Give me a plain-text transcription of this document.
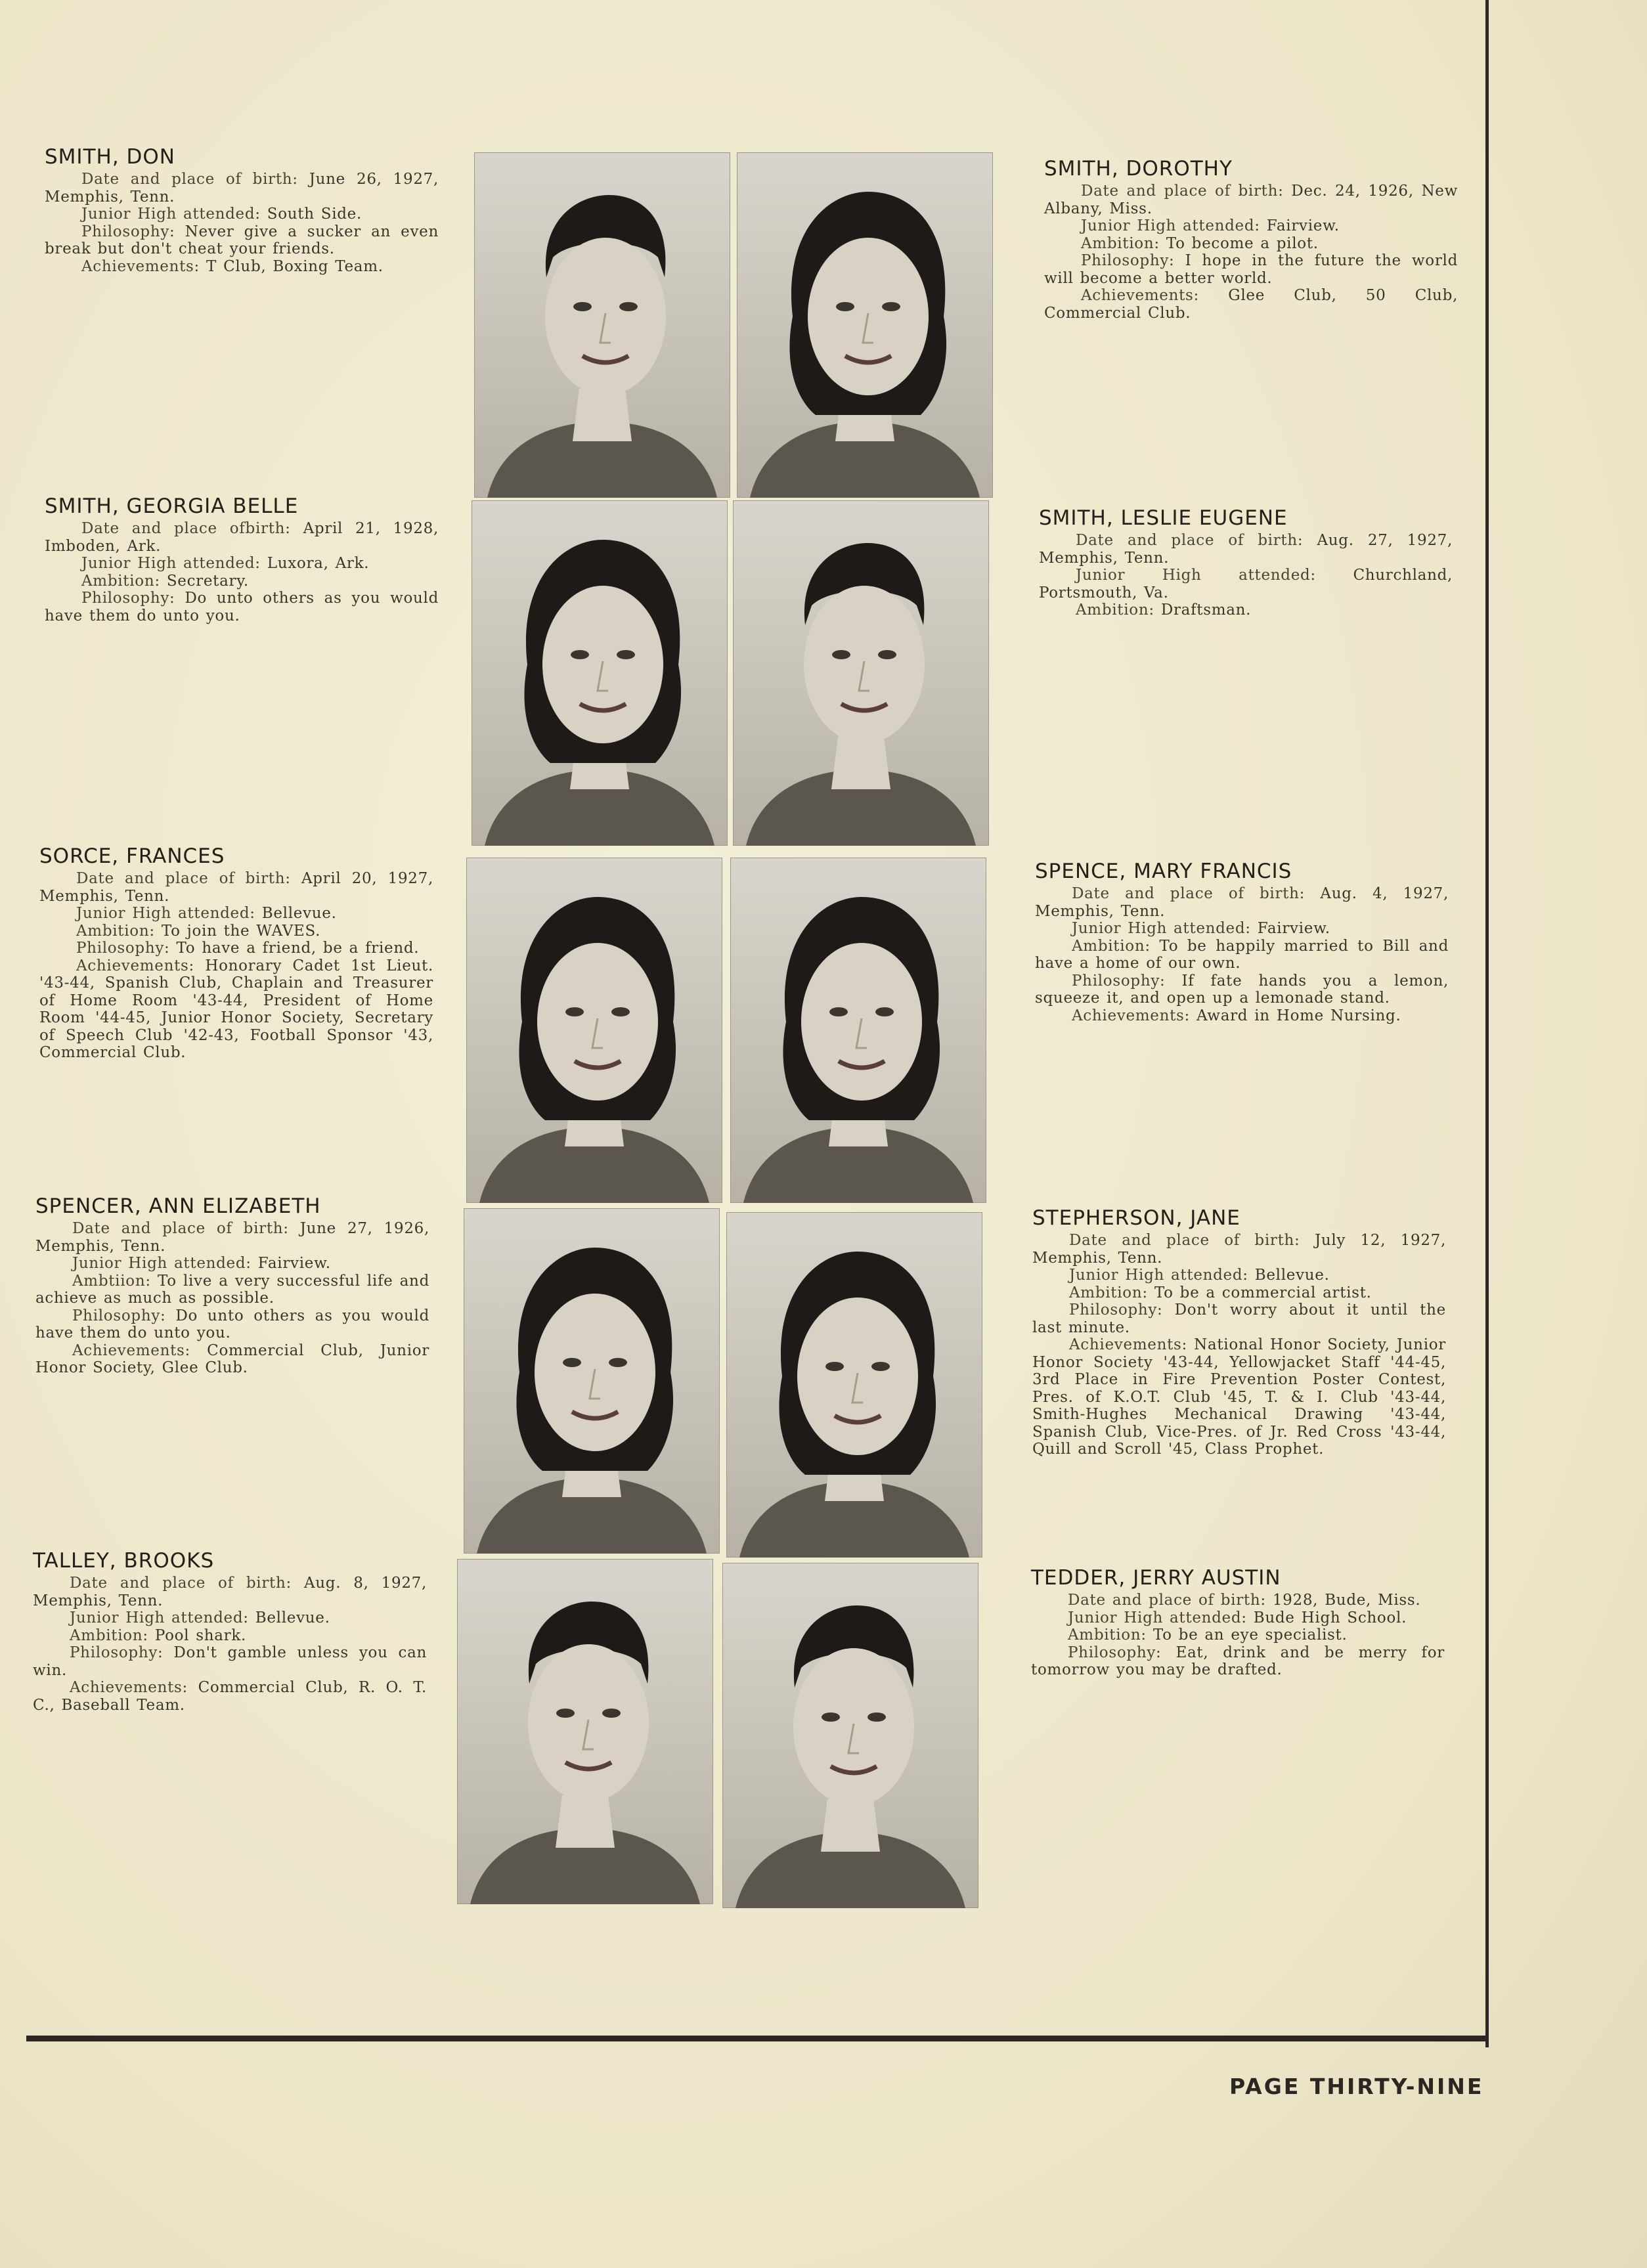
SMITH, DON

Date and place of birth: June 26, 1927, Memphis, Tenn.

Junior High attended: South Side.

Philosophy: Never give a sucker an even break but don't cheat your friends.

Achievements: T Club, Boxing Team.

SMITH, DOROTHY

Date and place of birth: Dec. 24, 1926, New Albany, Miss.

Junior High attended: Fairview.

Ambition: To become a pilot.

Philosophy: I hope in the future the world will become a better world.

Achievements: Glee Club, 50 Club, Commercial Club.

SMITH, GEORGIA BELLE

Date and place ofbirth: April 21, 1928, Imboden, Ark.

Junior High attended: Luxora, Ark.

Ambition: Secretary.

Philosophy: Do unto others as you would have them do unto you.

SMITH, LESLIE EUGENE

Date and place of birth: Aug. 27, 1927, Memphis, Tenn.

Junior High attended: Churchland, Portsmouth, Va.

Ambition: Draftsman.

SORCE, FRANCES

Date and place of birth: April 20, 1927, Memphis, Tenn.

Junior High attended: Bellevue.

Ambition: To join the WAVES.

Philosophy: To have a friend, be a friend.

Achievements: Honorary Cadet 1st Lieut. '43-44, Spanish Club, Chaplain and Treasurer of Home Room '43-44, President of Home Room '44-45, Junior Honor Society, Secretary of Speech Club '42-43, Football Sponsor '43, Commercial Club.

SPENCE, MARY FRANCIS

Date and place of birth: Aug. 4, 1927, Memphis, Tenn.

Junior High attended: Fairview.

Ambition: To be happily married to Bill and have a home of our own.

Philosophy: If fate hands you a lemon, squeeze it, and open up a lemonade stand.

Achievements: Award in Home Nursing.

SPENCER, ANN ELIZABETH

Date and place of birth: June 27, 1926, Memphis, Tenn.

Junior High attended: Fairview.

Ambtiion: To live a very successful life and achieve as much as possible.

Philosophy: Do unto others as you would have them do unto you.

Achievements: Commercial Club, Junior Honor Society, Glee Club.

STEPHERSON, JANE

Date and place of birth: July 12, 1927, Memphis, Tenn.

Junior High attended: Bellevue.

Ambition: To be a commercial artist.

Philosophy: Don't worry about it until the last minute.

Achievements: National Honor Society, Junior Honor Society '43-44, Yellowjacket Staff '44-45, 3rd Place in Fire Prevention Poster Contest, Pres. of K.O.T. Club '45, T. & I. Club '43-44, Smith-Hughes Mechanical Drawing '43-44, Spanish Club, Vice-Pres. of Jr. Red Cross '43-44, Quill and Scroll '45, Class Prophet.

TALLEY, BROOKS

Date and place of birth: Aug. 8, 1927, Memphis, Tenn.

Junior High attended: Bellevue.

Ambition: Pool shark.

Philosophy: Don't gamble unless you can win.

Achievements: Commercial Club, R. O. T. C., Baseball Team.

TEDDER, JERRY AUSTIN

Date and place of birth: 1928, Bude, Miss.

Junior High attended: Bude High School.

Ambition: To be an eye specialist.

Philosophy: Eat, drink and be merry for tomorrow you may be drafted.

PAGE THIRTY-NINE
